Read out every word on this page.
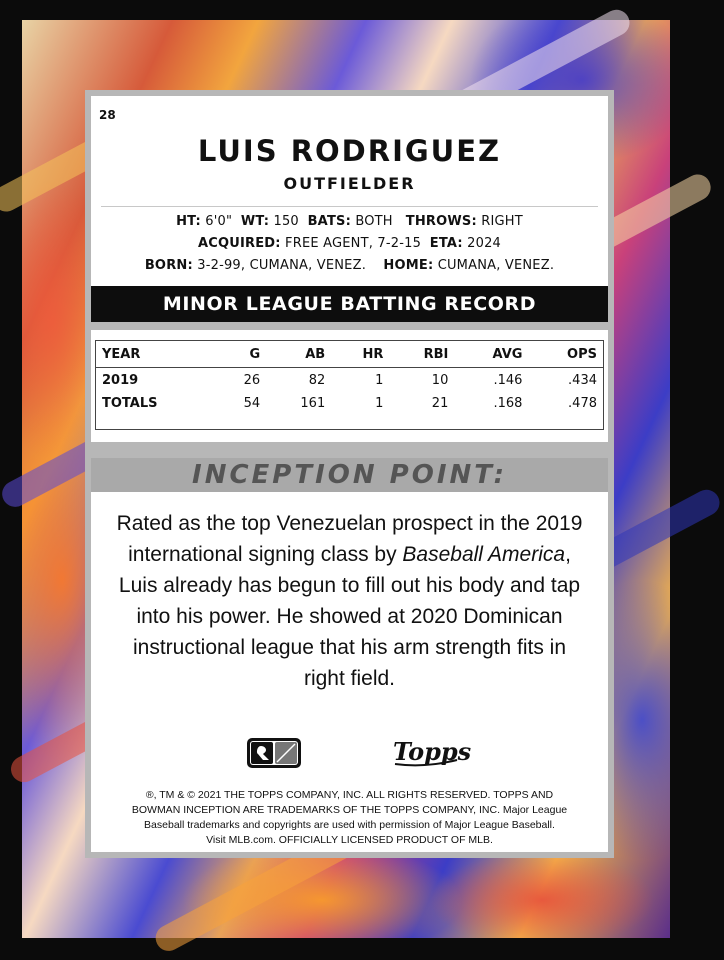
28
LUIS RODRIGUEZ
OUTFIELDER
HT: 6'0" WT: 150 BATS: BOTH THROWS: RIGHT
ACQUIRED: FREE AGENT, 7-2-15 ETA: 2024
BORN: 3-2-99, CUMANA, VENEZ. HOME: CUMANA, VENEZ.
MINOR LEAGUE BATTING RECORD
YEAR	G	AB	HR	RBI	AVG	OPS
2019	26	82	1	10	.146	.434
TOTALS	54	161	1	21	.168	.478

INCEPTION POINT:
Rated as the top Venezuelan prospect in the 2019 international signing class by Baseball America, Luis already has begun to fill out his body and tap into his power. He showed at 2020 Dominican instructional league that his arm strength fits in right field.
Topps
®, TM & © 2021 THE TOPPS COMPANY, INC. ALL RIGHTS RESERVED. TOPPS AND
BOWMAN INCEPTION ARE TRADEMARKS OF THE TOPPS COMPANY, INC. Major League
Baseball trademarks and copyrights are used with permission of Major League Baseball.
Visit MLB.com. OFFICIALLY LICENSED PRODUCT OF MLB.
